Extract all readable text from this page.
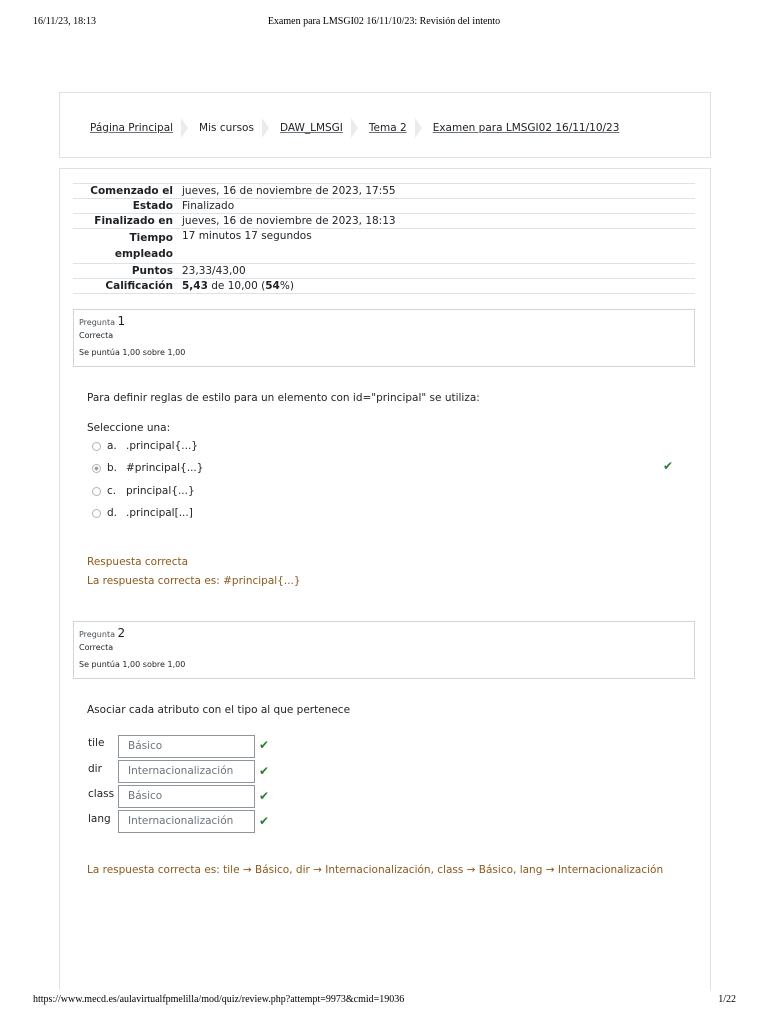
16/11/23, 18:13	Examen para LMSGI02 16/11/10/23: Revisión del intento
https://www.mecd.es/aulavirtualfpmelilla/mod/quiz/review.php?attempt=9973&cmid=19036	1/22
Página Principal Mis cursos DAW_LMSGI Tema 2 Examen para LMSGI02 16/11/10/23
Comenzado el jueves, 16 de noviembre de 2023, 17:55
Estado Finalizado
Finalizado en jueves, 16 de noviembre de 2023, 18:13
Tiempo
empleado
17 minutos 17 segundos
Puntos 23,33/43,00
Calificación 5,43 de 10,00 (54%)
Pregunta 1
Correcta
Se puntúa 1,00 sobre 1,00
Para definir reglas de estilo para un elemento con id="principal" se utiliza:
Seleccione una:
a. .principal{...}
b. #principal{...}	✔
c. principal{...}
d. .principal[...]
Respuesta correcta
La respuesta correcta es: #principal{...}
Pregunta 2
Correcta
Se puntúa 1,00 sobre 1,00
Asociar cada atributo con el tipo al que pertenece
tile	Básico	✔
dir	Internacionalización	✔
class	Básico	✔
lang	Internacionalización	✔
La respuesta correcta es: tile → Básico, dir → Internacionalización, class → Básico, lang → Internacionalización
